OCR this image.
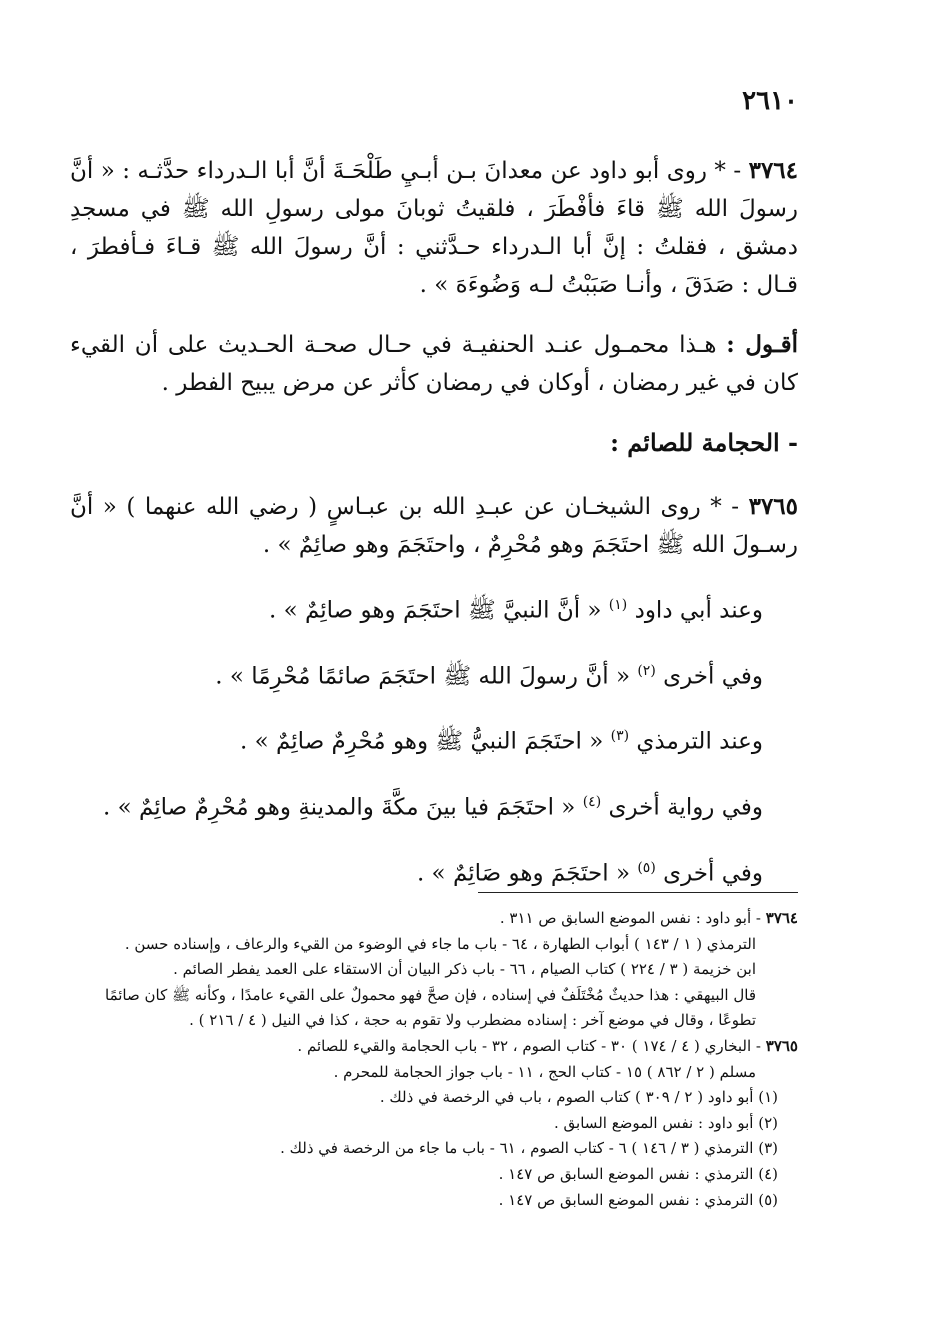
٢٦١٠

٣٧٦٤ - * روى أبو داود عن معدانَ بـن أبـيِ طَلْحَـةَ أنَّ أبا الـدرداء حدَّثـه : « أنَّ رسولَ الله ﷺ قاءَ فأفْطَرَ ، فلقيتُ ثوبانَ مولى رسولِ الله ﷺ في مسجدِ دمشق ، فقلتُ : إنَّ أبا الـدرداء حـدَّثني : أنَّ رسولَ الله ﷺ قـاءَ فـأفطرَ ، قـال : صَدَقَ ، وأنـا صَبَبْتُ لـه وَضُوءَهَ » .

أقـول : هـذا محمـول عنـد الحنفيـة في حـال صحـة الحـديث على أن القيء كان في غير رمضان ، أوكان في رمضان كأثر عن مرض يبيح الفطر .

- الحجامة للصائم :

٣٧٦٥ - * روى الشيخـان عن عبـدِ الله بن عبـاسٍ ( رضي الله عنهما ) « أنَّ رسـولَ الله ﷺ احتَجَمَ وهو مُحْرِمٌ ، واحتَجَمَ وهو صائِمٌ » .

وعند أبي داود $^{(١)}$ « أنَّ النبيَّ ﷺ احتَجَمَ وهو صائِمٌ » .

وفي أخرى $^{(٢)}$ « أنَّ رسولَ الله ﷺ احتَجَمَ صائمًا مُحْرِمًا » .

وعند الترمذي $^{(٣)}$ « احتَجَمَ النبيُّ ﷺ وهو مُحْرِمٌ صائِمٌ » .

وفي رواية أخرى $^{(٤)}$ « احتَجَمَ فيا بينَ مكَّةَ والمدينةِ وهو مُحْرِمٌ صائِمٌ » .

وفي أخرى $^{(٥)}$ « احتَجَمَ وهو صَائِمٌ » .

٣٧٦٤ - أبو داود : نفس الموضع السابق ص ٣١١ .

الترمذي ( ١ / ١٤٣ ) أبواب الطهارة ، ٦٤ - باب ما جاء في الوضوء من القيء والرعاف ، وإسناده حسن .

ابن خزيمة ( ٣ / ٢٢٤ ) كتاب الصيام ، ٦٦ - باب ذكر البيان أن الاستقاء على العمد يفطر الصائم .

قال البيهقي : هذا حديثٌ مُخْتَلَفٌ في إسناده ، فإن صحَّ فهو محمولٌ على القيء عامدًا ، وكأنه ﷺ كان صائمًا

تطوعًا ، وقال في موضع آخر : إسناده مضطرب ولا تقوم به حجة ، كذا في النيل ( ٤ / ٢١٦ ) .

٣٧٦٥ - البخاري ( ٤ / ١٧٤ ) ٣٠ - كتاب الصوم ، ٣٢ - باب الحجامة والقيء للصائم .

مسلم ( ٢ / ٨٦٢ ) ١٥ - كتاب الحج ، ١١ - باب جواز الحجامة للمحرم .

(١) أبو داود ( ٢ / ٣٠٩ ) كتاب الصوم ، باب في الرخصة في ذلك .

(٢) أبو داود : نفس الموضع السابق .

(٣) الترمذي ( ٣ / ١٤٦ ) ٦ - كتاب الصوم ، ٦١ - باب ما جاء من الرخصة في ذلك .

(٤) الترمذي : نفس الموضع السابق ص ١٤٧ .

(٥) الترمذي : نفس الموضع السابق ص ١٤٧ .
